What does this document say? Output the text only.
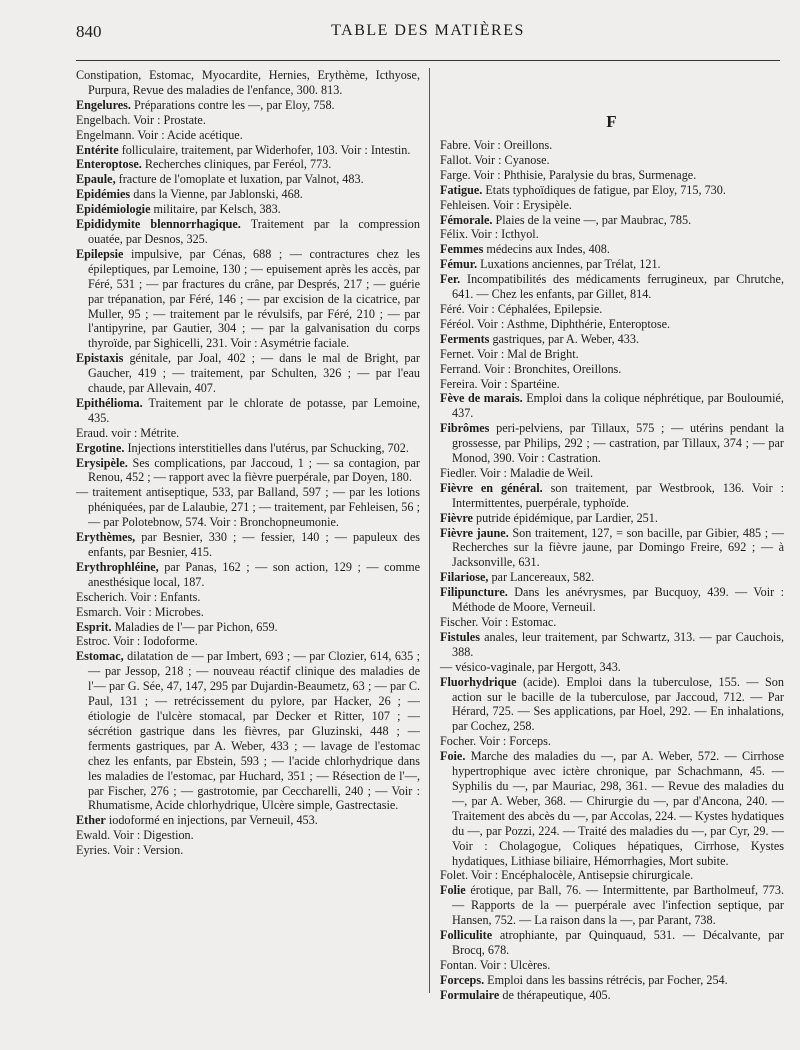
840	TABLE DES MATIÈRES

Constipation, Estomac, Myocardite, Hernies, Erythème, Icthyose, Purpura, Revue des maladies de l'enfance, 300. 813.

Engelures. Préparations contre les —, par Eloy, 758.

Engelbach. Voir : Prostate.

Engelmann. Voir : Acide acétique.

Entérite folliculaire, traitement, par Widerhofer, 103. Voir : Intestin.

Enteroptose. Recherches cliniques, par Feréol, 773.

Epaule, fracture de l'omoplate et luxation, par Valnot, 483.

Epidémies dans la Vienne, par Jablonski, 468.

Epidémiologie militaire, par Kelsch, 383.

Epididymite blennorrhagique. Traitement par la compression ouatée, par Desnos, 325.

Epilepsie impulsive, par Cénas, 688 ; — contractures chez les épileptiques, par Lemoine, 130 ; — epuisement après les accès, par Féré, 531 ; — par fractures du crâne, par Després, 217 ; — guérie par trépanation, par Féré, 146 ; — par excision de la cicatrice, par Muller, 95 ; — traitement par le révulsifs, par Féré, 210 ; — par l'antipyrine, par Gautier, 304 ; — par la galvanisation du corps thyroïde, par Sighicelli, 231. Voir : Asymétrie faciale.

Epistaxis génitale, par Joal, 402 ; — dans le mal de Bright, par Gaucher, 419 ; — traitement, par Schulten, 326 ; — par l'eau chaude, par Allevain, 407.

Epithélioma. Traitement par le chlorate de potasse, par Lemoine, 435.

Eraud. voir : Métrite.

Ergotine. Injections interstitielles dans l'utérus, par Schucking, 702.

Erysipèle. Ses complications, par Jaccoud, 1 ; — sa contagion, par Renou, 452 ; — rapport avec la fièvre puerpérale, par Doyen, 180.

— traitement antiseptique, 533, par Balland, 597 ; — par les lotions phéniquées, par de Lalaubie, 271 ; — traitement, par Fehleisen, 56 ; — par Polotebnow, 574. Voir : Bronchopneumonie.

Erythèmes, par Besnier, 330 ; — fessier, 140 ; — papuleux des enfants, par Besnier, 415.

Erythrophléine, par Panas, 162 ; — son action, 129 ; — comme anesthésique local, 187.

Escherich. Voir : Enfants.

Esmarch. Voir : Microbes.

Esprit. Maladies de l'— par Pichon, 659.

Estroc. Voir : Iodoforme.

Estomac, dilatation de — par Imbert, 693 ; — par Clozier, 614, 635 ; — par Jessop, 218 ; — nouveau réactif clinique des maladies de l'— par G. Sée, 47, 147, 295 par Dujardin-Beaumetz, 63 ; — par C. Paul, 131 ; — retrécissement du pylore, par Hacker, 26 ; — étiologie de l'ulcère stomacal, par Decker et Ritter, 107 ; — sécrétion gastrique dans les fièvres, par Gluzinski, 448 ; — ferments gastriques, par A. Weber, 433 ; — lavage de l'estomac chez les enfants, par Ebstein, 593 ; — l'acide chlorhydrique dans les maladies de l'estomac, par Huchard, 351 ; — Résection de l'—, par Fischer, 276 ; — gastrotomie, par Ceccharelli, 240 ; — Voir : Rhumatisme, Acide chlorhydrique, Ulcère simple, Gastrectasie.

Ether iodoformé en injections, par Verneuil, 453.

Ewald. Voir : Digestion.

Eyries. Voir : Version.

F

Fabre. Voir : Oreillons.

Fallot. Voir : Cyanose.

Farge. Voir : Phthisie, Paralysie du bras, Surmenage.

Fatigue. Etats typhoïdiques de fatigue, par Eloy, 715, 730.

Fehleisen. Voir : Erysipèle.

Fémorale. Plaies de la veine —, par Maubrac, 785.

Félix. Voir : Icthyol.

Femmes médecins aux Indes, 408.

Fémur. Luxations anciennes, par Trélat, 121.

Fer. Incompatibilités des médicaments ferrugineux, par Chrutche, 641. — Chez les enfants, par Gillet, 814.

Féré. Voir : Céphalées, Epilepsie.

Féréol. Voir : Asthme, Diphthérie, Enteroptose.

Ferments gastriques, par A. Weber, 433.

Fernet. Voir : Mal de Bright.

Ferrand. Voir : Bronchites, Oreillons.

Fereira. Voir : Spartéine.

Fève de marais. Emploi dans la colique néphrétique, par Bouloumié, 437.

Fibrômes peri-pelviens, par Tillaux, 575 ; — utérins pendant la grossesse, par Philips, 292 ; — castration, par Tillaux, 374 ; — par Monod, 390. Voir : Castration.

Fiedler. Voir : Maladie de Weil.

Fièvre en général. son traitement, par Westbrook, 136. Voir : Intermittentes, puerpérale, typhoïde.

Fièvre putride épidémique, par Lardier, 251.

Fièvre jaune. Son traitement, 127, = son bacille, par Gibier, 485 ; — Recherches sur la fièvre jaune, par Domingo Freire, 692 ; — à Jacksonville, 631.

Filariose, par Lancereaux, 582.

Filipuncture. Dans les anévrysmes, par Bucquoy, 439. — Voir : Méthode de Moore, Verneuil.

Fischer. Voir : Estomac.

Fistules anales, leur traitement, par Schwartz, 313. — par Cauchois, 388.

— vésico-vaginale, par Hergott, 343.

Fluorhydrique (acide). Emploi dans la tuberculose, 155. — Son action sur le bacille de la tuberculose, par Jaccoud, 712. — Par Hérard, 725. — Ses applications, par Hoel, 292. — En inhalations, par Cochez, 258.

Focher. Voir : Forceps.

Foie. Marche des maladies du —, par A. Weber, 572. — Cirrhose hypertrophique avec ictère chronique, par Schachmann, 45. — Syphilis du —, par Mauriac, 298, 361. — Revue des maladies du —, par A. Weber, 368. — Chirurgie du —, par d'Ancona, 240. — Traitement des abcès du —, par Accolas, 224. — Kystes hydatiques du —, par Pozzi, 224. — Traité des maladies du —, par Cyr, 29. — Voir : Cholagogue, Coliques hépatiques, Cirrhose, Kystes hydatiques, Lithiase biliaire, Hémorrhagies, Mort subite.

Folet. Voir : Encéphalocèle, Antisepsie chirurgicale.

Folie érotique, par Ball, 76. — Intermittente, par Bartholmeuf, 773. — Rapports de la — puerpérale avec l'infection septique, par Hansen, 752. — La raison dans la —, par Parant, 738.

Folliculite atrophiante, par Quinquaud, 531. — Décalvante, par Brocq, 678.

Fontan. Voir : Ulcères.

Forceps. Emploi dans les bassins rétrécis, par Focher, 254.

Formulaire de thérapeutique, 405.
